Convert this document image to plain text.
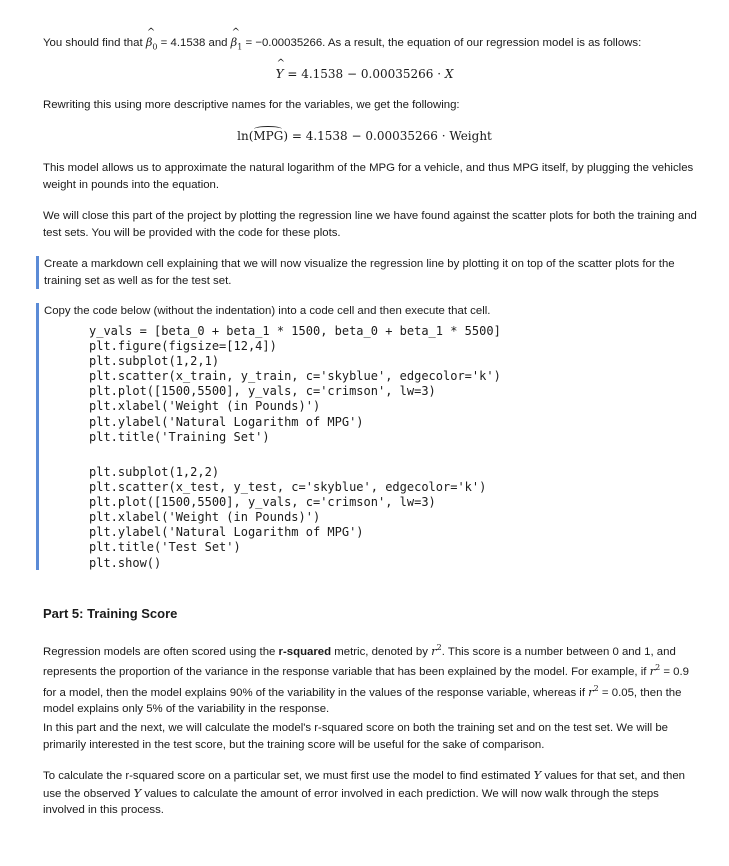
You should find that ^ $\beta_0 = 4.1538$ and ^ $\beta_1 = -0.00035266$. As a result, the equation of our regression model is as follows:

^ Y = 4.1538 − 0.00035266 · X

Rewriting this using more descriptive names for the variables, we get the following:

ln(MPG) = 4.1538 − 0.00035266 · Weight

This model allows us to approximate the natural logarithm of the MPG for a vehicle, and thus MPG itself, by plugging the vehicles weight in pounds into the equation.

We will close this part of the project by plotting the regression line we have found against the scatter plots for both the training and test sets. You will be provided with the code for these plots.

Create a markdown cell explaining that we will now visualize the regression line by plotting it on top of the scatter plots for the training set as well as for the test set.
Copy the code below (without the indentation) into a code cell and then execute that cell.
y_vals = [beta_0 + beta_1 * 1500, beta_0 + beta_1 * 5500]
plt.figure(figsize=[12,4])
plt.subplot(1,2,1)
plt.scatter(x_train, y_train, c='skyblue', edgecolor='k')
plt.plot([1500,5500], y_vals, c='crimson', lw=3)
plt.xlabel('Weight (in Pounds)')
plt.ylabel('Natural Logarithm of MPG')
plt.title('Training Set')
plt.subplot(1,2,2)
plt.scatter(x_test, y_test, c='skyblue', edgecolor='k')
plt.plot([1500,5500], y_vals, c='crimson', lw=3)
plt.xlabel('Weight (in Pounds)')
plt.ylabel('Natural Logarithm of MPG')
plt.title('Test Set')
plt.show()
Part 5: Training Score

Regression models are often scored using the r-squared metric, denoted by $r^2$. This score is a number between 0 and 1, and represents the proportion of the variance in the response variable that has been explained by the model. For example, if $r^2 = 0.9$ for a model, then the model explains 90% of the variability in the values of the response variable, whereas if $r^2 = 0.05$, then the model explains only 5% of the variability in the response.

In this part and the next, we will calculate the model's r-squared score on both the training set and on the test set. We will be primarily interested in the test score, but the training score will be useful for the sake of comparison.

To calculate the r-squared score on a particular set, we must first use the model to find estimated Y values for that set, and then use the observed Y values to calculate the amount of error involved in each prediction. We will now walk through the steps involved in this process.
